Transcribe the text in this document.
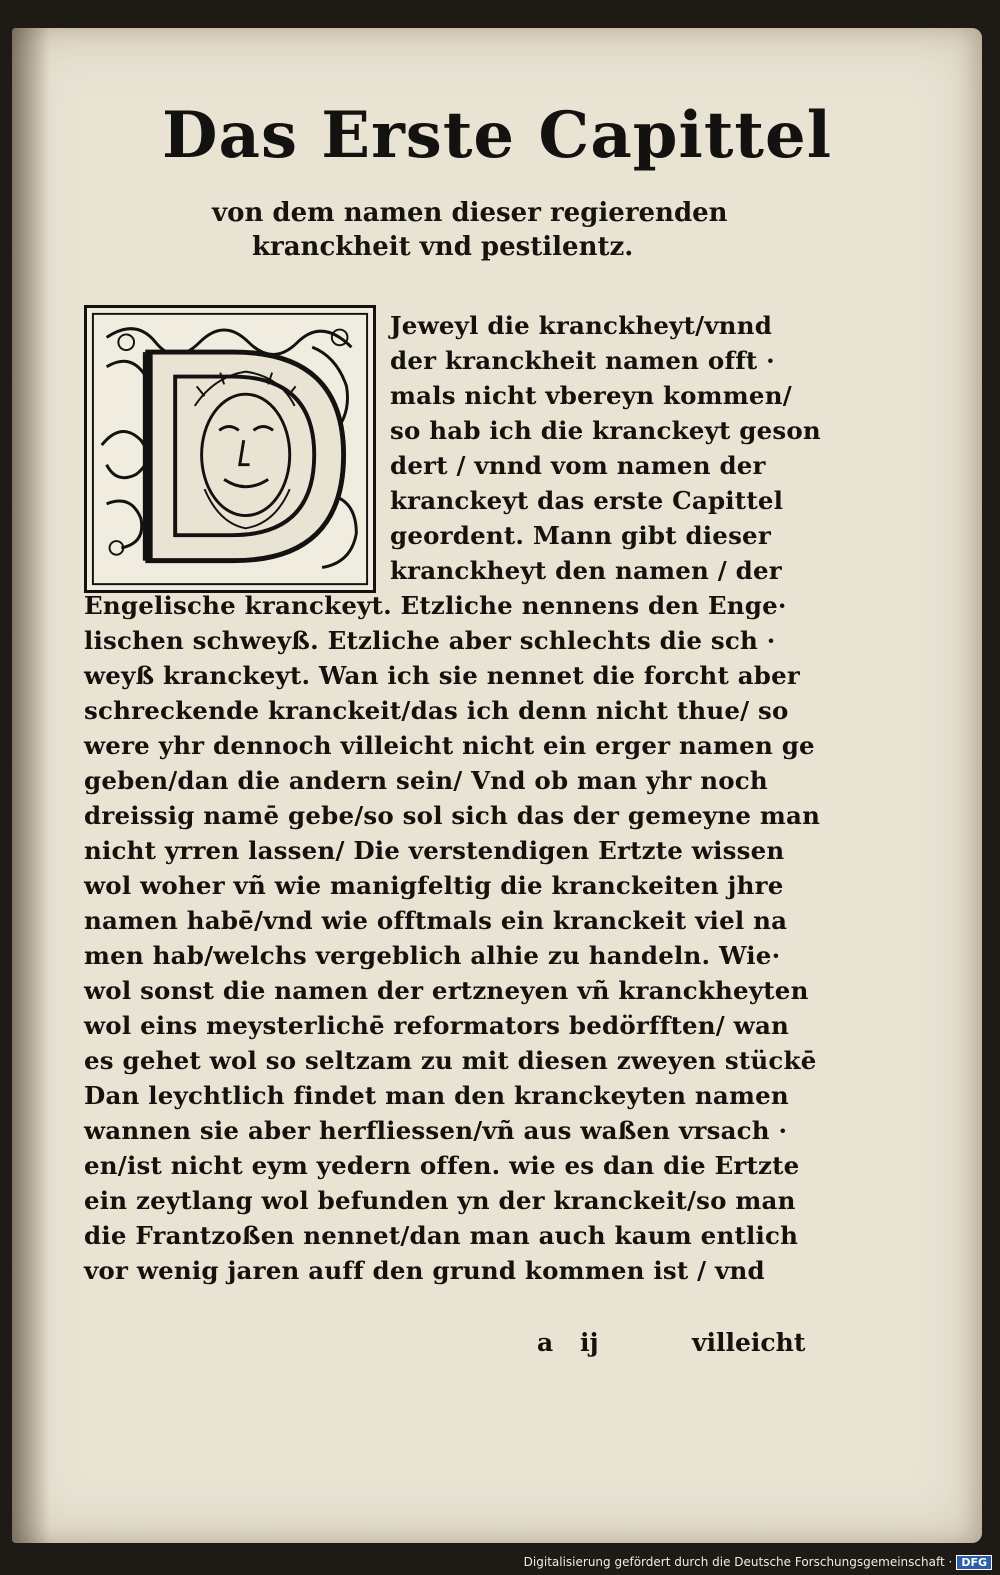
Das Erste Capittel
von dem namen dieser regierenden
kranckheit vnd pestilentz.
Jeweyl die kranckheyt/vnnd
der kranckheit namen offt ·
mals nicht vbereyn kommen/
so hab ich die kranckeyt geson
dert / vnnd vom namen der
kranckeyt das erste Capittel
geordent. Mann gibt dieser
kranckheyt den namen / der
Engelische kranckeyt. Etzliche nennens den Enge·
lischen schweyß. Etzliche aber schlechts die sch ·
weyß kranckeyt. Wan ich sie nennet die forcht aber
schreckende kranckeit/das ich denn nicht thue/ so
were yhr dennoch villeicht nicht ein erger namen ge
geben/dan die andern sein/ Vnd ob man yhr noch
dreissig namē gebe/so sol sich das der gemeyne man
nicht yrren lassen/ Die verstendigen Ertzte wissen
wol woher vñ wie manigfeltig die kranckeiten jhre
namen habē/vnd wie offtmals ein kranckeit viel na
men hab/welchs vergeblich alhie zu handeln. Wie·
wol sonst die namen der ertzneyen vñ kranckheyten
wol eins meysterlichē reformators bedörfften/ wan
es gehet wol so seltzam zu mit diesen zweyen stückē
Dan leychtlich findet man den kranckeyten namen
wannen sie aber herfliessen/vñ aus waßen vrsach ·
en/ist nicht eym yedern offen. wie es dan die Ertzte
ein zeytlang wol befunden yn der kranckeit/so man
die Frantzoßen nennet/dan man auch kaum entlich
vor wenig jaren auff den grund kommen ist / vnd
a ij	villeicht
Digitalisierung gefördert durch die Deutsche Forschungsgemeinschaft · DFG
